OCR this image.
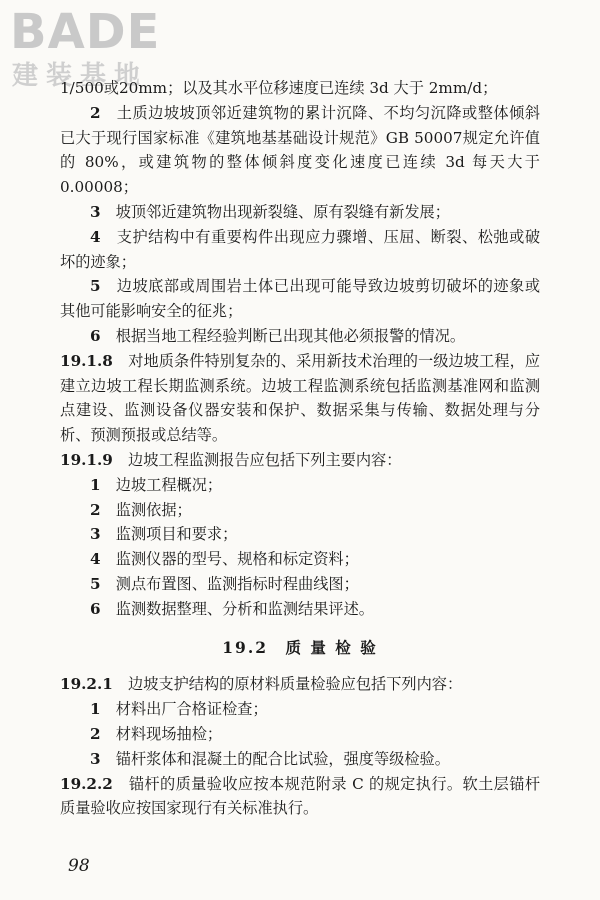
BADE
建装基地

1/500或20mm；以及其水平位移速度已连续 3d 大于 2mm/d；

2　 土质边坡坡顶邻近建筑物的累计沉降、不均匀沉降或整体倾斜已大于现行国家标准《建筑地基基础设计规范》GB 50007规定允许值的 80%，或建筑物的整体倾斜度变化速度已连续 3d 每天大于 0.00008；

3　 坡顶邻近建筑物出现新裂缝、原有裂缝有新发展；

4　 支护结构中有重要构件出现应力骤增、压屈、断裂、松弛或破坏的迹象；

5　 边坡底部或周围岩土体已出现可能导致边坡剪切破坏的迹象或其他可能影响安全的征兆；

6　 根据当地工程经验判断已出现其他必须报警的情况。

19.1.8　 对地质条件特别复杂的、采用新技术治理的一级边坡工程，应建立边坡工程长期监测系统。边坡工程监测系统包括监测基准网和监测点建设、监测设备仪器安装和保护、数据采集与传输、数据处理与分析、预测预报或总结等。

19.1.9　 边坡工程监测报告应包括下列主要内容：

1　 边坡工程概况；

2　 监测依据；

3　 监测项目和要求；

4　 监测仪器的型号、规格和标定资料；

5　 测点布置图、监测指标时程曲线图；

6　 监测数据整理、分析和监测结果评述。

19.2　质 量 检 验

19.2.1　 边坡支护结构的原材料质量检验应包括下列内容：

1　 材料出厂合格证检查；

2　 材料现场抽检；

3　 锚杆浆体和混凝土的配合比试验，强度等级检验。

19.2.2　 锚杆的质量验收应按本规范附录 C 的规定执行。软土层锚杆质量验收应按国家现行有关标准执行。

98
